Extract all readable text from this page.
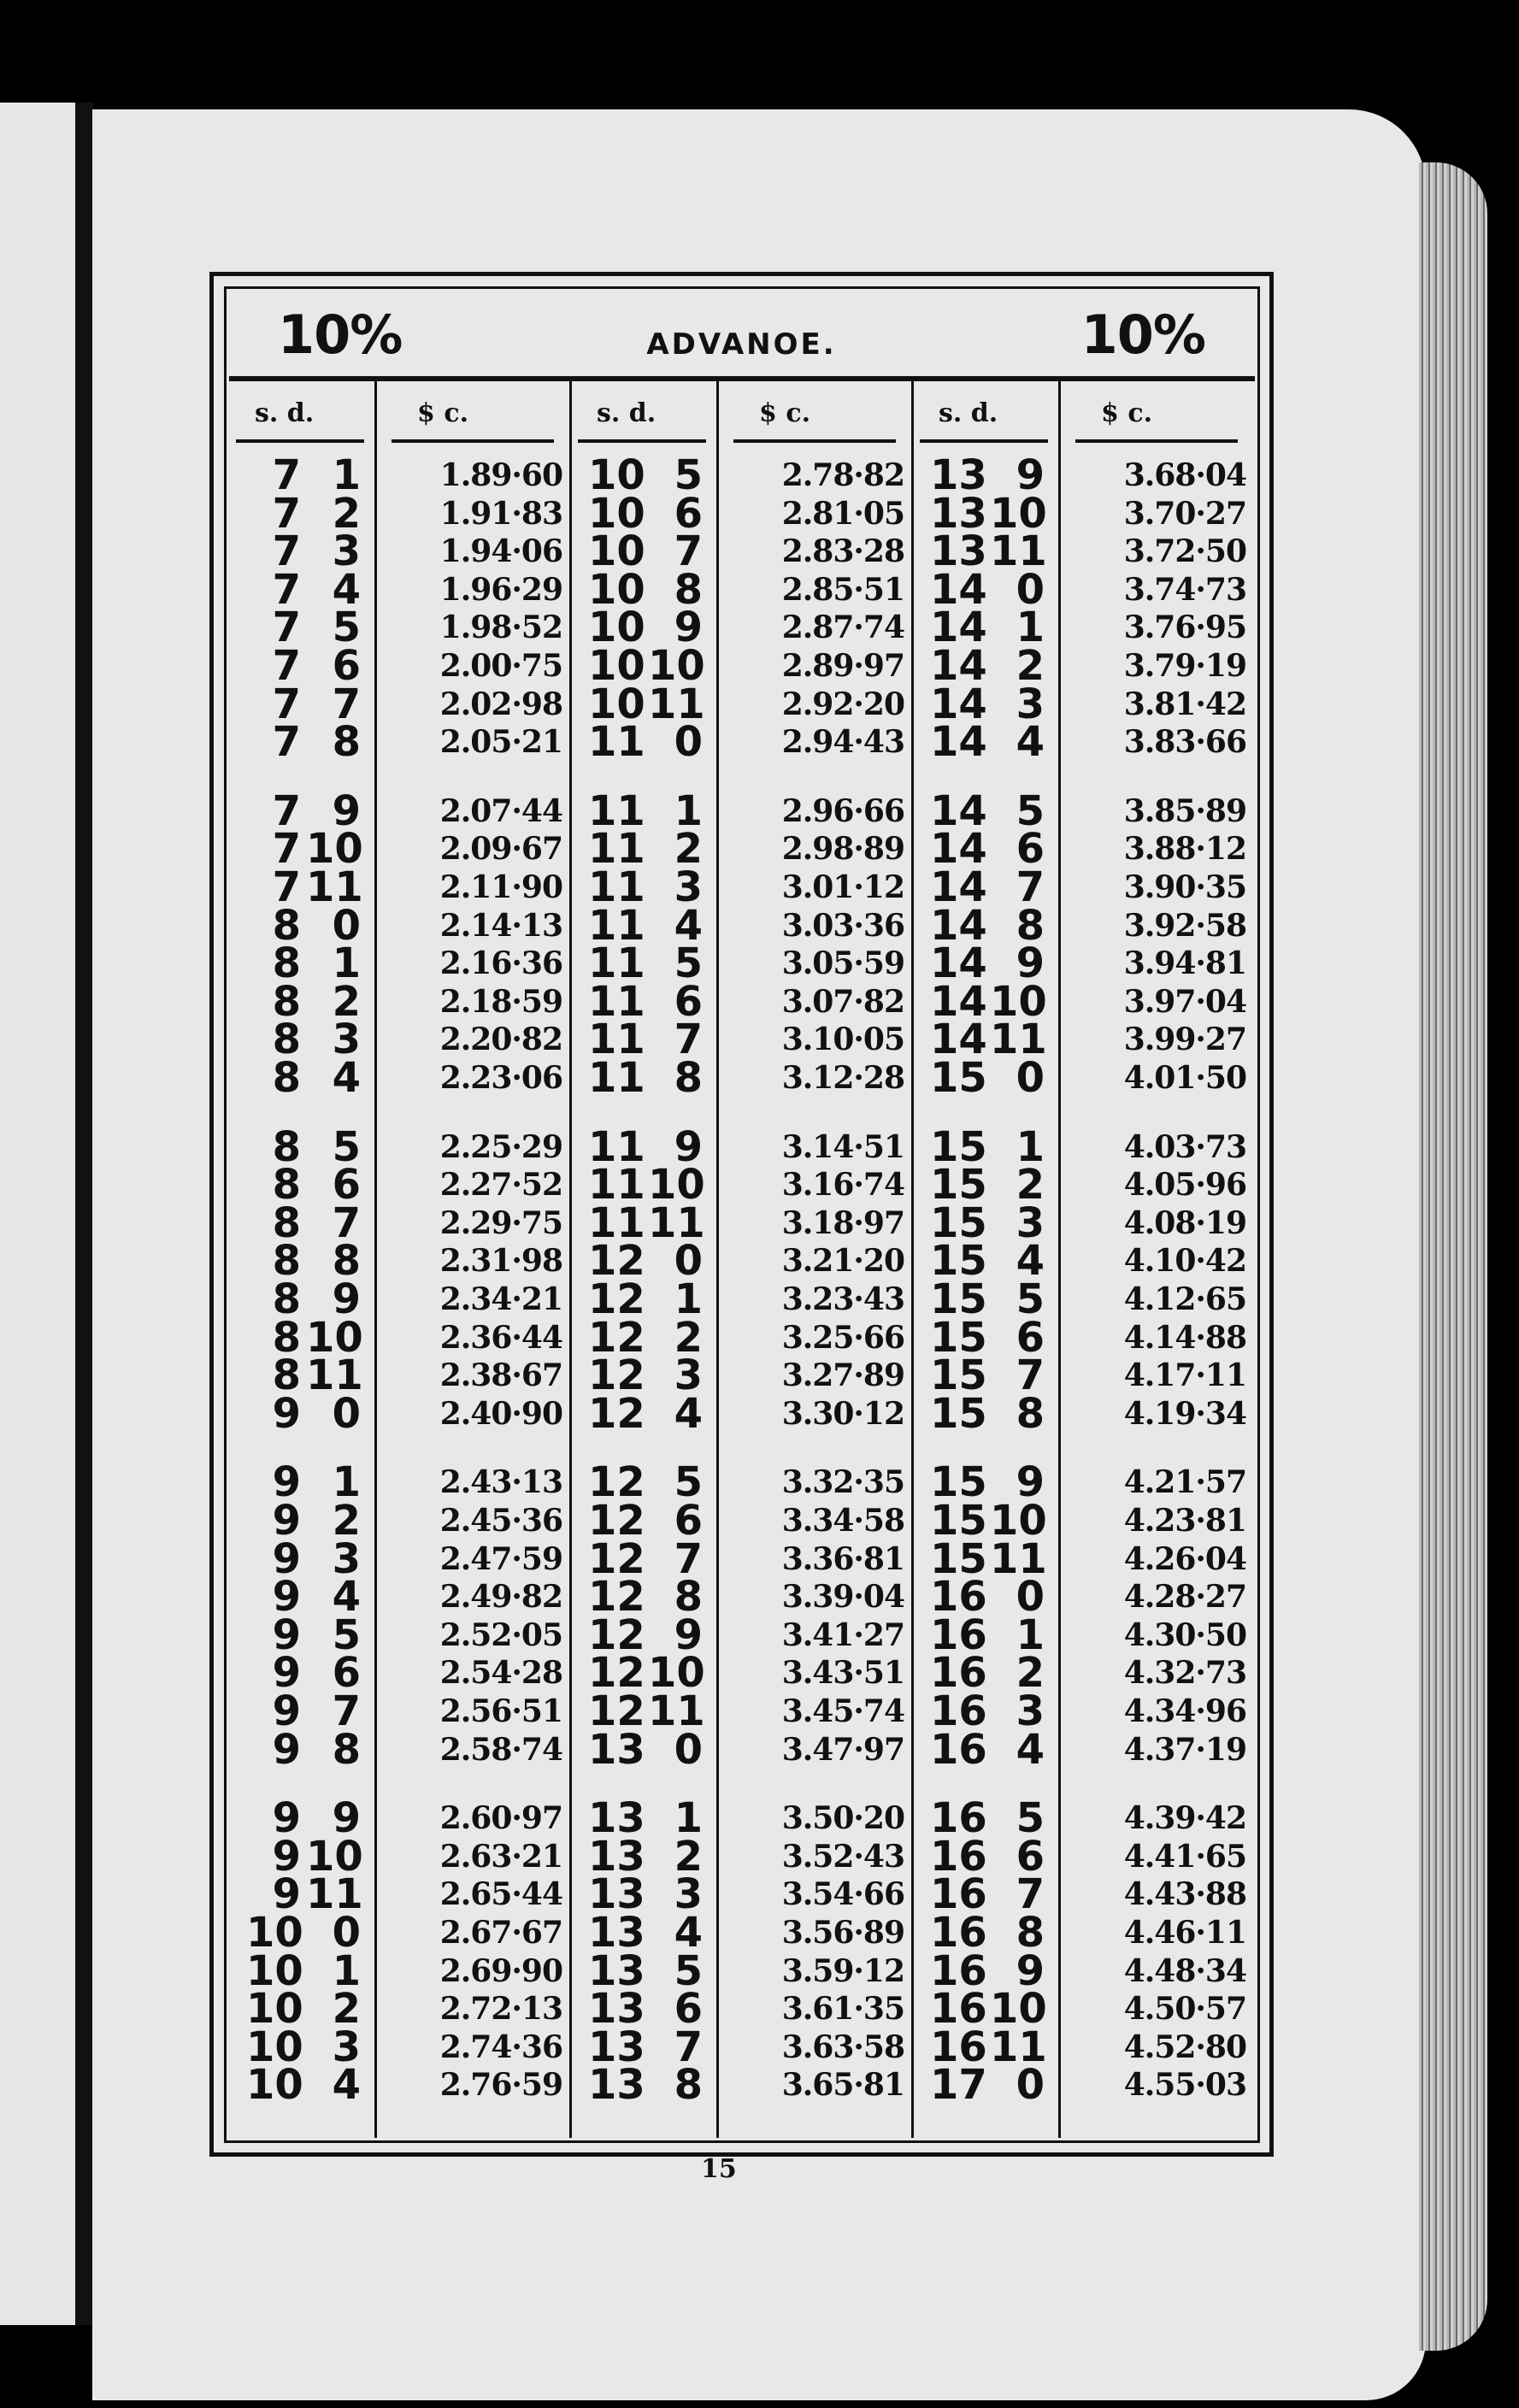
10%	ADVANOE.	10%
s. d.	$ c.
7 1	1.89·60
7 2	1.91·83
7 3	1.94·06
7 4	1.96·29
7 5	1.98·52
7 6	2.00·75
7 7	2.02·98
7 8	2.05·21
7 9	2.07·44
7 10	2.09·67
7 11	2.11·90
8 0	2.14·13
8 1	2.16·36
8 2	2.18·59
8 3	2.20·82
8 4	2.23·06
8 5	2.25·29
8 6	2.27·52
8 7	2.29·75
8 8	2.31·98
8 9	2.34·21
8 10	2.36·44
8 11	2.38·67
9 0	2.40·90
9 1	2.43·13
9 2	2.45·36
9 3	2.47·59
9 4	2.49·82
9 5	2.52·05
9 6	2.54·28
9 7	2.56·51
9 8	2.58·74
9 9	2.60·97
9 10	2.63·21
9 11	2.65·44
10 0	2.67·67
10 1	2.69·90
10 2	2.72·13
10 3	2.74·36
10 4	2.76·59
s. d.	$ c.
10 5	2.78·82
10 6	2.81·05
10 7	2.83·28
10 8	2.85·51
10 9	2.87·74
10 10	2.89·97
10 11	2.92·20
11 0	2.94·43
11 1	2.96·66
11 2	2.98·89
11 3	3.01·12
11 4	3.03·36
11 5	3.05·59
11 6	3.07·82
11 7	3.10·05
11 8	3.12·28
11 9	3.14·51
11 10	3.16·74
11 11	3.18·97
12 0	3.21·20
12 1	3.23·43
12 2	3.25·66
12 3	3.27·89
12 4	3.30·12
12 5	3.32·35
12 6	3.34·58
12 7	3.36·81
12 8	3.39·04
12 9	3.41·27
12 10	3.43·51
12 11	3.45·74
13 0	3.47·97
13 1	3.50·20
13 2	3.52·43
13 3	3.54·66
13 4	3.56·89
13 5	3.59·12
13 6	3.61·35
13 7	3.63·58
13 8	3.65·81
s. d.	$ c.
13 9	3.68·04
13 10	3.70·27
13 11	3.72·50
14 0	3.74·73
14 1	3.76·95
14 2	3.79·19
14 3	3.81·42
14 4	3.83·66
14 5	3.85·89
14 6	3.88·12
14 7	3.90·35
14 8	3.92·58
14 9	3.94·81
14 10	3.97·04
14 11	3.99·27
15 0	4.01·50
15 1	4.03·73
15 2	4.05·96
15 3	4.08·19
15 4	4.10·42
15 5	4.12·65
15 6	4.14·88
15 7	4.17·11
15 8	4.19·34
15 9	4.21·57
15 10	4.23·81
15 11	4.26·04
16 0	4.28·27
16 1	4.30·50
16 2	4.32·73
16 3	4.34·96
16 4	4.37·19
16 5	4.39·42
16 6	4.41·65
16 7	4.43·88
16 8	4.46·11
16 9	4.48·34
16 10	4.50·57
16 11	4.52·80
17 0	4.55·03
15
